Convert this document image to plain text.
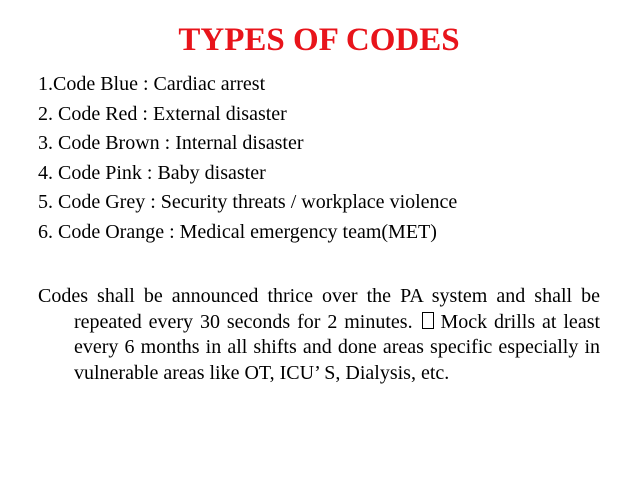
TYPES OF CODES
1.Code Blue : Cardiac arrest
2. Code Red : External disaster
3. Code Brown : Internal disaster
4. Code Pink : Baby disaster
5. Code Grey : Security threats / workplace violence
6. Code Orange : Medical emergency team(MET)

Codes shall be announced thrice over the PA system and shall be repeated every 30 seconds for 2 minutes. Mock drills at least every 6 months in all shifts and done areas specific especially in vulnerable areas like OT, ICU’ S, Dialysis, etc.
